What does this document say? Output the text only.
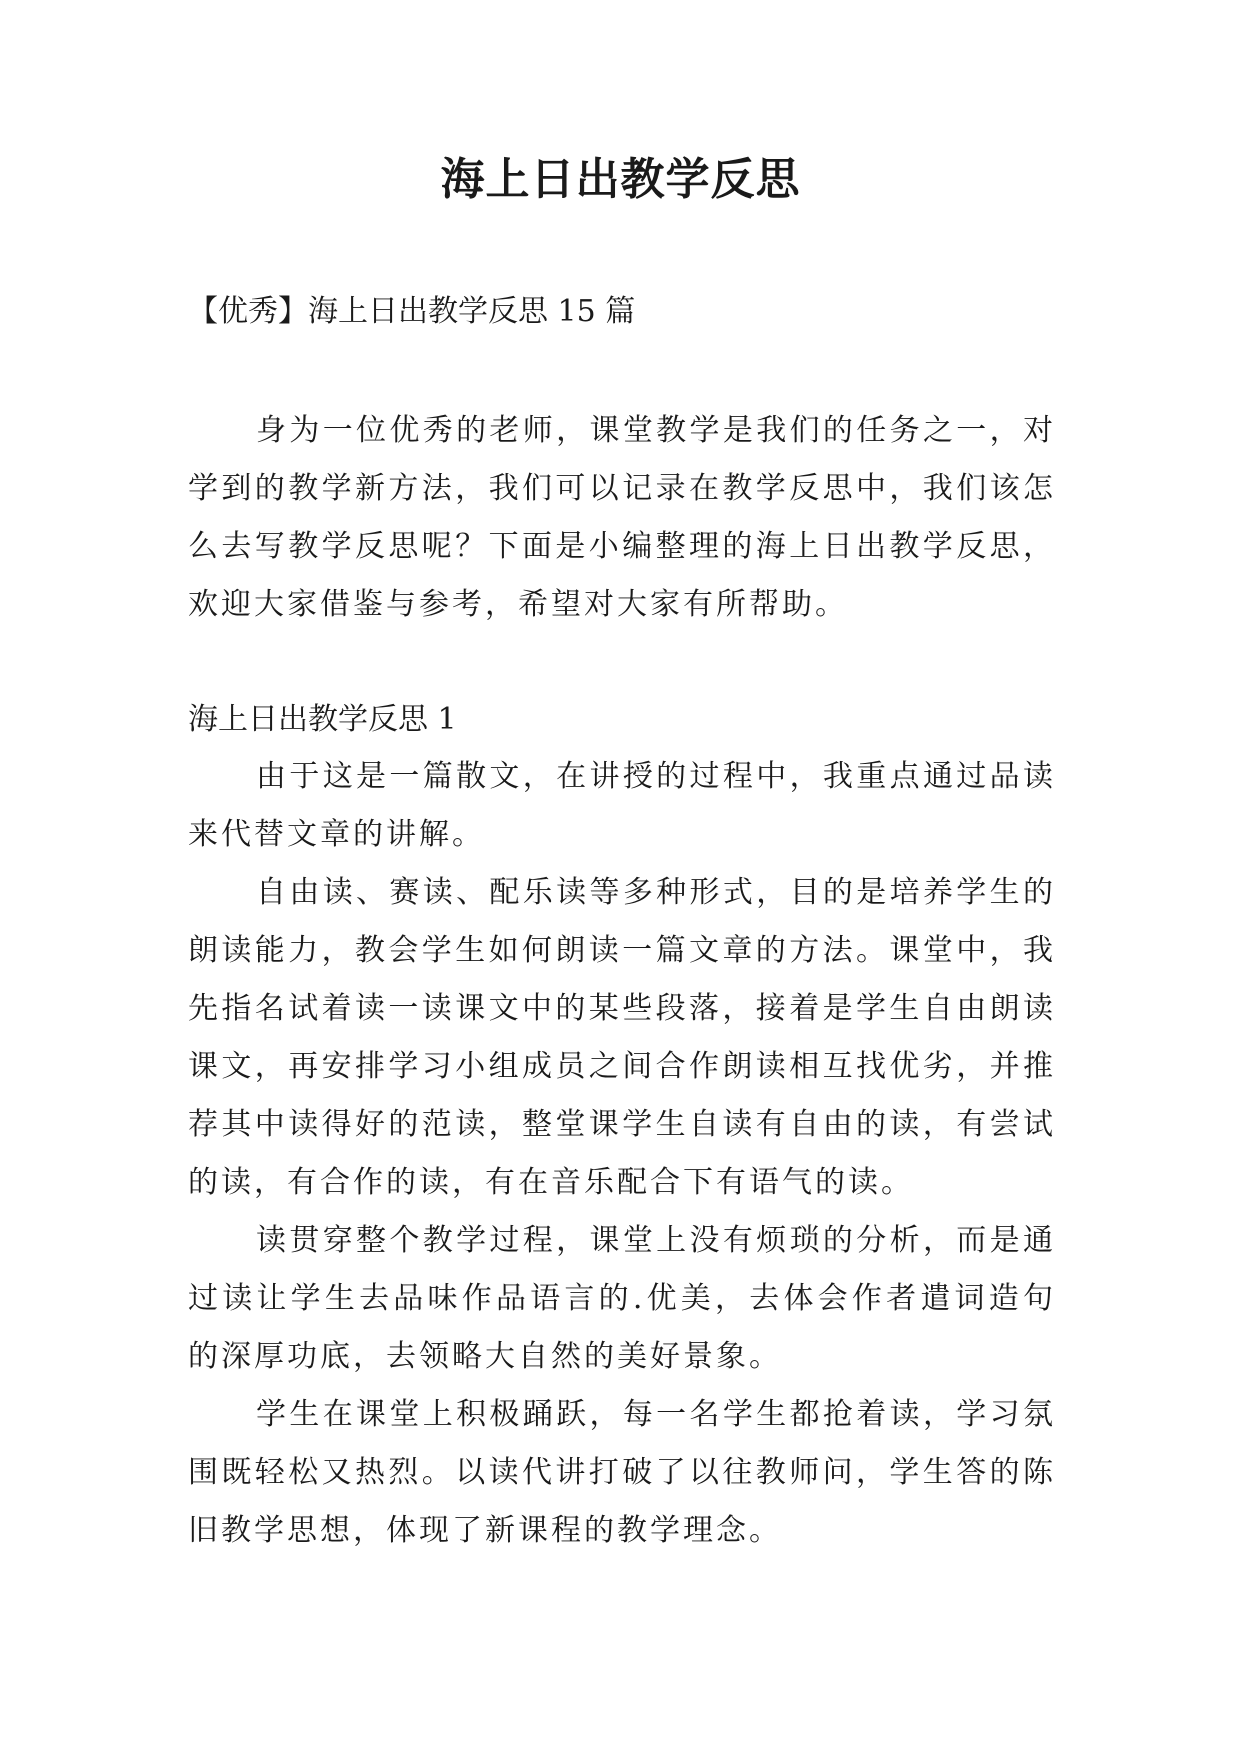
海上日出教学反思
【优秀】海上日出教学反思 15 篇

身为一位优秀的老师，课堂教学是我们的任务之一，对学到的教学新方法，我们可以记录在教学反思中，我们该怎么去写教学反思呢？下面是小编整理的海上日出教学反思，欢迎大家借鉴与参考，希望对大家有所帮助。

海上日出教学反思 1

由于这是一篇散文，在讲授的过程中，我重点通过品读来代替文章的讲解。

自由读、赛读、配乐读等多种形式，目的是培养学生的朗读能力，教会学生如何朗读一篇文章的方法。课堂中，我先指名试着读一读课文中的某些段落，接着是学生自由朗读课文，再安排学习小组成员之间合作朗读相互找优劣，并推荐其中读得好的范读，整堂课学生自读有自由的读，有尝试的读，有合作的读，有在音乐配合下有语气的读。

读贯穿整个教学过程，课堂上没有烦琐的分析，而是通过读让学生去品味作品语言的.优美，去体会作者遣词造句的深厚功底，去领略大自然的美好景象。

学生在课堂上积极踊跃，每一名学生都抢着读，学习氛围既轻松又热烈。以读代讲打破了以往教师问，学生答的陈旧教学思想，体现了新课程的教学理念。
